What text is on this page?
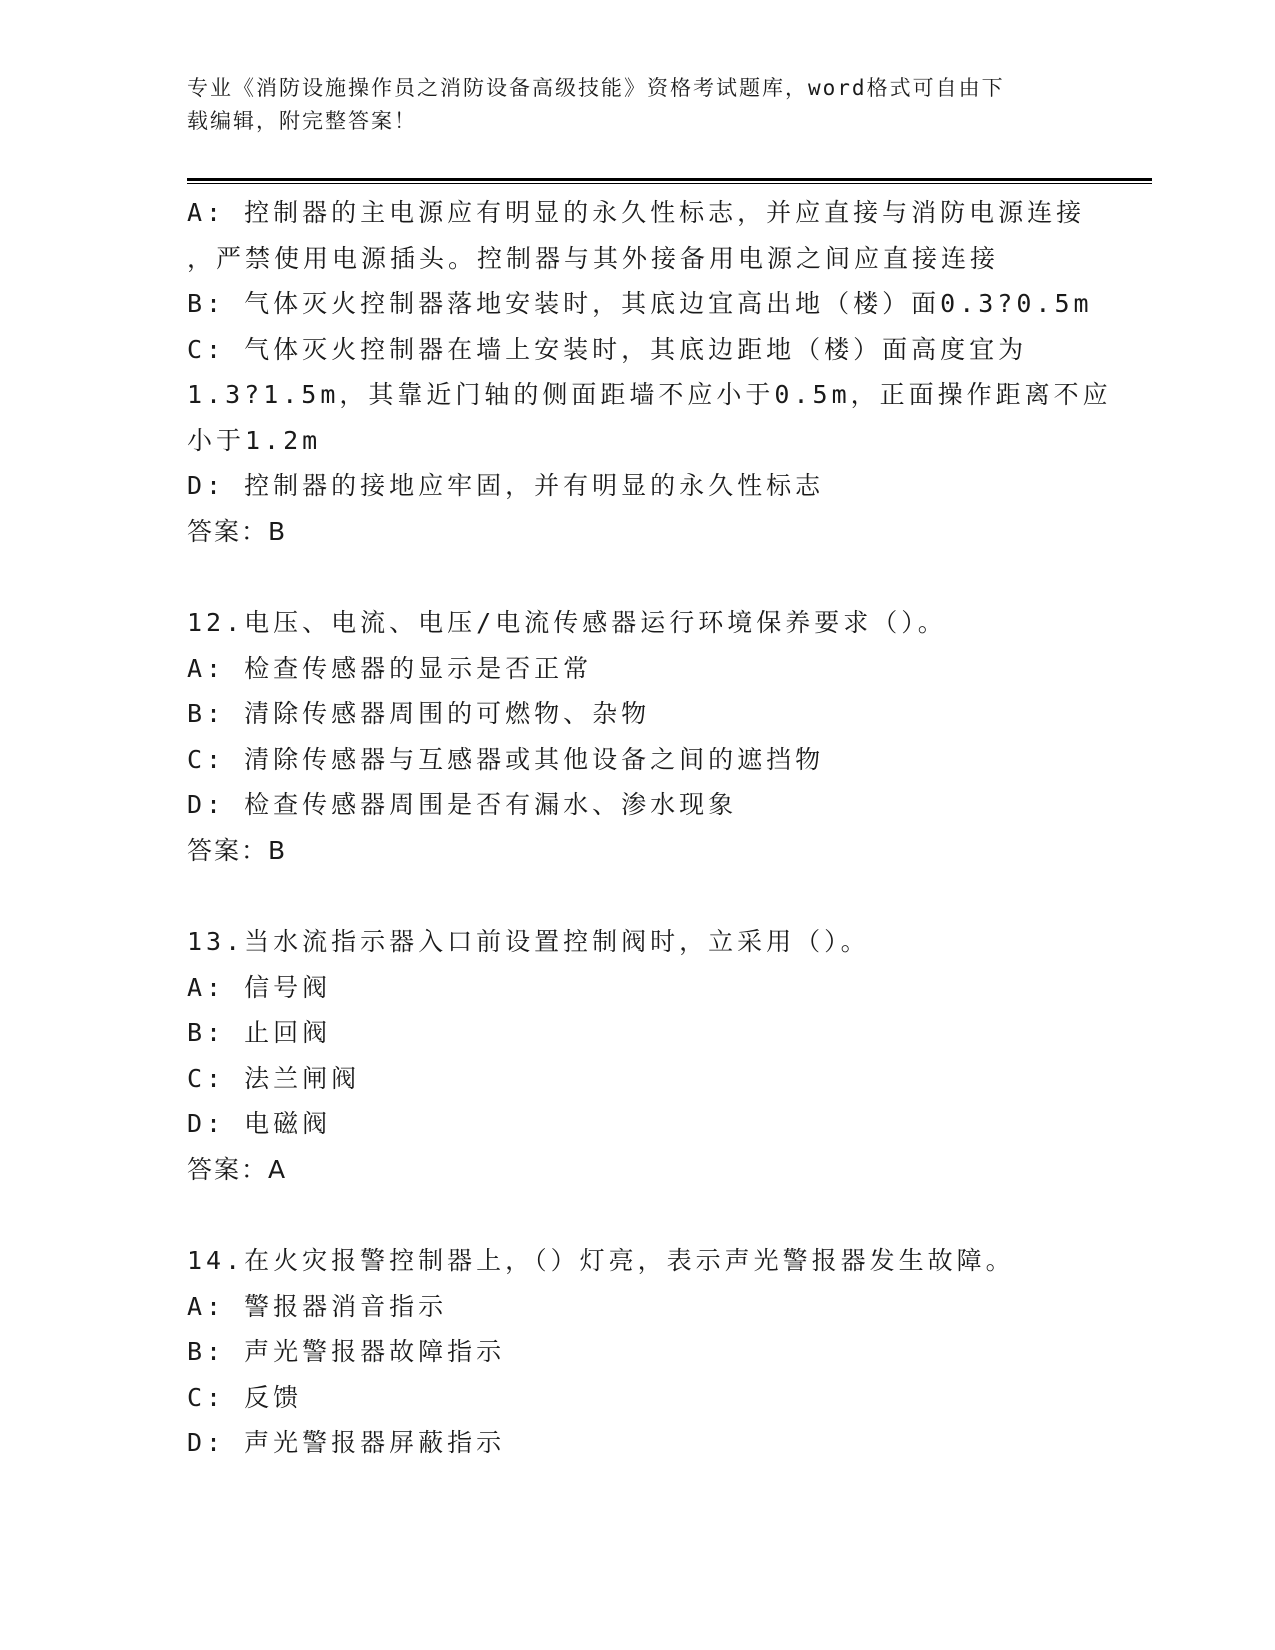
专业《消防设施操作员之消防设备高级技能》资格考试题库，word格式可自由下
载编辑，附完整答案！
A: 控制器的主电源应有明显的永久性标志，并应直接与消防电源连接
，严禁使用电源插头。控制器与其外接备用电源之间应直接连接
B: 气体灭火控制器落地安装时，其底边宜高出地（楼）面0.3?0.5m
C: 气体灭火控制器在墙上安装时，其底边距地（楼）面高度宜为
1.3?1.5m，其靠近门轴的侧面距墙不应小于0.5m，正面操作距离不应
小于1.2m
D: 控制器的接地应牢固，并有明显的永久性标志
答案：B
12.电压、电流、电压/电流传感器运行环境保养要求（）。
A: 检查传感器的显示是否正常
B: 清除传感器周围的可燃物、杂物
C: 清除传感器与互感器或其他设备之间的遮挡物
D: 检查传感器周围是否有漏水、渗水现象
答案：B
13.当水流指示器入口前设置控制阀时，立采用（）。
A: 信号阀
B: 止回阀
C: 法兰闸阀
D: 电磁阀
答案：A
14.在火灾报警控制器上，（）灯亮，表示声光警报器发生故障。
A: 警报器消音指示
B: 声光警报器故障指示
C: 反馈
D: 声光警报器屏蔽指示
